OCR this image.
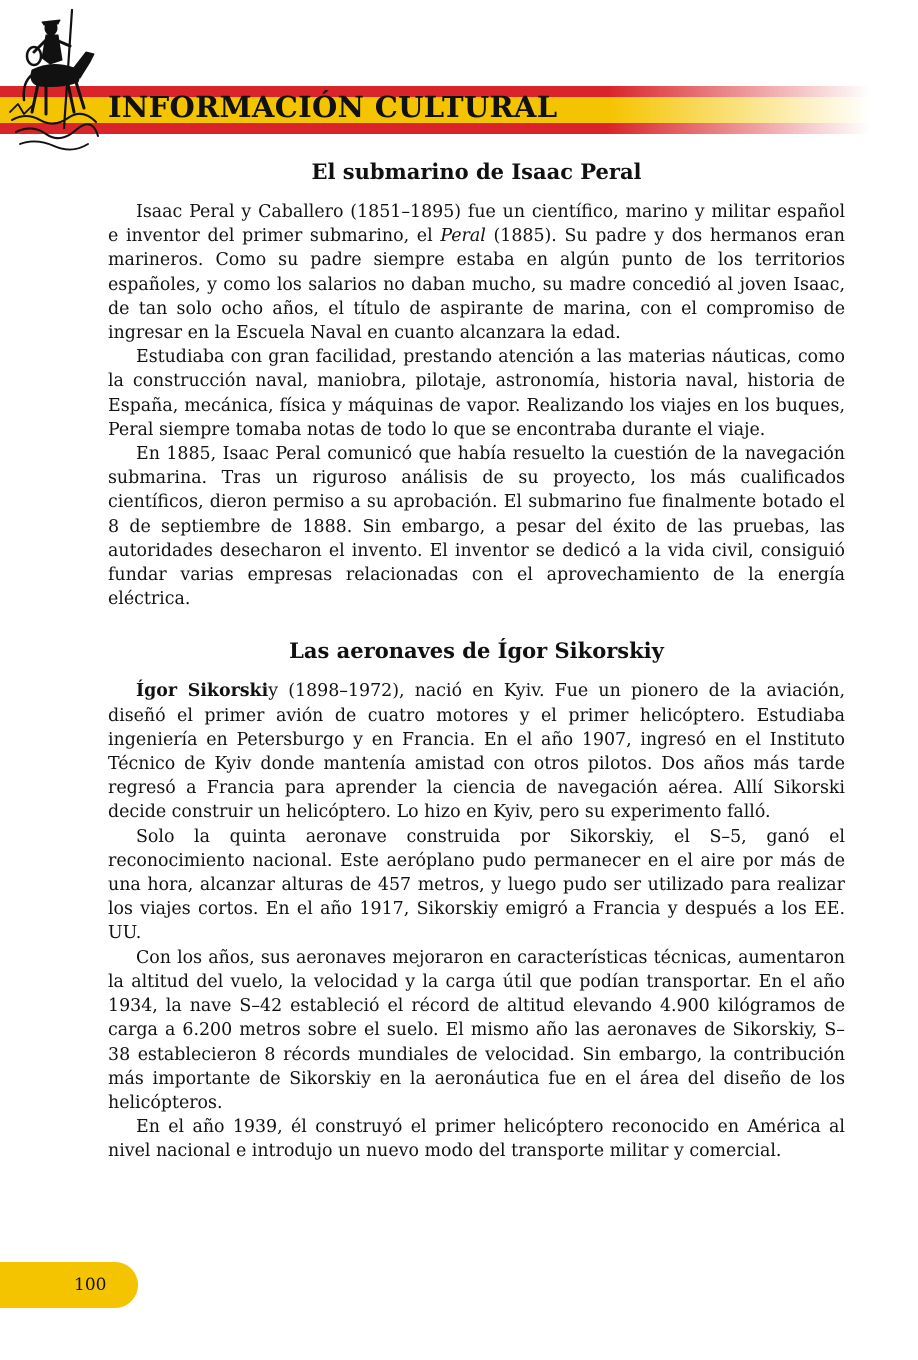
INFORMACIÓN CULTURAL
El submarino de Isaac Peral

Isaac Peral y Caballero (1851–1895) fue un científico, marino y militar español e inventor del primer submarino, el Peral (1885). Su padre y dos hermanos eran marineros. Como su padre siempre estaba en algún punto de los territorios españoles, y como los salarios no daban mucho, su madre concedió al joven Isaac, de tan solo ocho años, el título de aspirante de marina, con el compromiso de ingresar en la Escuela Naval en cuanto alcanzara la edad.

Estudiaba con gran facilidad, prestando atención a las materias náuticas, como la construcción naval, maniobra, pilotaje, astronomía, historia naval, historia de España, mecánica, física y máquinas de vapor. Realizando los viajes en los buques, Peral siempre tomaba notas de todo lo que se encontraba durante el viaje.

En 1885, Isaac Peral comunicó que había resuelto la cuestión de la navegación submarina. Tras un riguroso análisis de su proyecto, los más cualificados científicos, dieron permiso a su aprobación. El submarino fue finalmente botado el 8 de septiembre de 1888. Sin embargo, a pesar del éxito de las pruebas, las autoridades desecharon el invento. El inventor se dedicó a la vida civil, consiguió fundar varias empresas relacionadas con el aprovechamiento de la energía eléctrica.

Las aeronaves de Ígor Sikorskiy

Ígor Sikorskiy (1898–1972), nació en Kyiv. Fue un pionero de la aviación, diseñó el primer avión de cuatro motores y el primer helicóptero. Estudiaba ingeniería en Petersburgo y en Francia. En el año 1907, ingresó en el Instituto Técnico de Kyiv donde mantenía amistad con otros pilotos. Dos años más tarde regresó a Francia para aprender la ciencia de navegación aérea. Allí Sikorski decide construir un helicóptero. Lo hizo en Kyiv, pero su experimento falló.

Solo la quinta aeronave construida por Sikorskiy, el S–5, ganó el reconocimiento nacional. Este aeróplano pudo permanecer en el aire por más de una hora, alcanzar alturas de 457 metros, y luego pudo ser utilizado para realizar los viajes cortos. En el año 1917, Sikorskiy emigró a Francia y después a los EE. UU.

Con los años, sus aeronaves mejoraron en características técnicas, aumentaron la altitud del vuelo, la velocidad y la carga útil que podían transportar. En el año 1934, la nave S–42 estableció el récord de altitud elevando 4.900 kilógramos de carga a 6.200 metros sobre el suelo. El mismo año las aeronaves de Sikorskiy, S–38 establecieron 8 récords mundiales de velocidad. Sin embargo, la contribución más importante de Sikorskiy en la aeronáutica fue en el área del diseño de los helicópteros.

En el año 1939, él construyó el primer helicóptero reconocido en América al nivel nacional e introdujo un nuevo modo del transporte militar y comercial.

100
